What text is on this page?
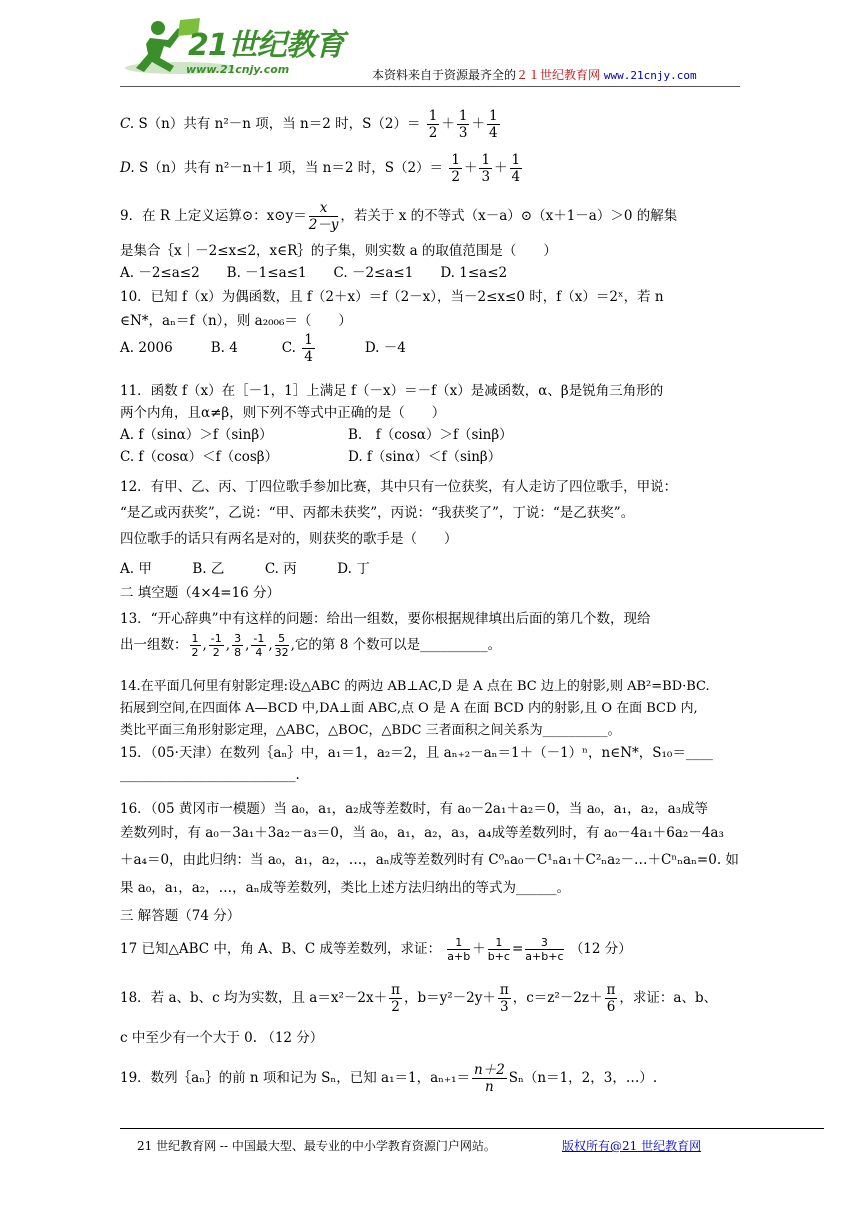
21世纪教育
www.21cnjy.com	本资料来自于资源最齐全的２１世纪教育网 www.21cnjy.com
C. S（n）共有 n²－n 项，当 n＝2 时，$S(2)= \frac{1}{2} + \frac{1}{3} + \frac{1}{4}$
D. S（n）共有 n²－n＋1 项，当 n＝2 时，$S(2)= \frac{1}{2} + \frac{1}{3} + \frac{1}{4}$
9．在 R 上定义运算⊙：x⊙y＝ $\frac{x}{2-y}$ ，若关于 x 的不等式（x－a）⊙（x＋1－a）＞0 的解集
是集合｛x｜－2≤x≤2，x∈R｝的子集，则实数 a 的取值范围是（　　）
A. －2≤a≤2　　B. －1≤a≤1　　C. －2≤a≤1　　D. 1≤a≤2
10．已知 f（x）为偶函数，且 f（2＋x）＝f（2－x），当－2≤x≤0 时，f（x）＝2ˣ，若 n
∈N*，aₙ＝f（n），则 a₂₀₀₆＝（　　）
A. 2006	B. 4	C. $\frac{1}{4}$	D. －4
11．函数 f（x）在［－1，1］上满足 f（－x）＝－f（x）是减函数，α、β是锐角三角形的
两个内角，且α≠β，则下列不等式中正确的是（　　）
A. f（sinα）＞f（sinβ）	B.　f（cosα）＞f（sinβ）
C. f（cosα）＜f（cosβ）	D. f（sinα）＜f（sinβ）
12．有甲、乙、丙、丁四位歌手参加比赛，其中只有一位获奖，有人走访了四位歌手，甲说：
“是乙或丙获奖”，乙说：“甲、丙都未获奖”，丙说：“我获奖了”，丁说：“是乙获奖”。
四位歌手的话只有两名是对的，则获奖的歌手是（　　）
A. 甲　　　B. 乙　　　C. 丙　　　D. 丁
二 填空题（4×4=16 分）
13．“开心辞典”中有这样的问题：给出一组数，要你根据规律填出后面的第几个数，现给
出一组数： $\frac{1}{2}$ , $\frac{-1}{2}$ , $\frac{3}{8}$ , $\frac{-1}{4}$ , $\frac{5}{32}$ ,它的第 8 个数可以是__________。
14.在平面几何里有射影定理:设△ABC 的两边 AB⊥AC,D 是 A 点在 BC 边上的射影,则 AB²=BD·BC.
拓展到空间,在四面体 A—BCD 中,DA⊥面 ABC,点 O 是 A 在面 BCD 内的射影,且 O 在面 BCD 内,
类比平面三角形射影定理，△ABC，△BOC，△BDC 三者面积之间关系为__________。
15．（05·天津）在数列｛aₙ｝中，a₁＝1，a₂＝2，且 aₙ₊₂－aₙ＝1＋（－1）ⁿ，n∈N*，S₁₀＝____
__________________________.
16．（05 黄冈市一模题）当 a₀，a₁，a₂成等差数时，有 a₀－2a₁＋a₂＝0，当 a₀，a₁，a₂，a₃成等
差数列时，有 a₀－3a₁＋3a₂－a₃＝0，当 a₀，a₁，a₂，a₃，a₄成等差数列时，有 a₀－4a₁＋6a₂－4a₃
＋a₄＝0，由此归纳：当 a₀，a₁，a₂，…，aₙ成等差数列时有 C⁰ₙa₀－C¹ₙa₁＋C²ₙa₂－…＋Cⁿₙaₙ=0. 如
果 a₀，a₁，a₂，…，aₙ成等差数列，类比上述方法归纳出的等式为______。
三 解答题（74 分）
17 已知△ABC 中，角 A、B、C 成等差数列，求证： $\frac{1}{a+b} + \frac{1}{b+c} = \frac{3}{a+b+c} (12$ 分）
18．若 a、b、c 均为实数，且 $a=x^2-2x+ \frac{\pi}{2}$ ，$b=y^2-2y+ \frac{\pi}{3}$ ，$c=z^2-2z+ \frac{\pi}{6}$ ，求证：a、b、
c 中至少有一个大于 0. （12 分）
19．数列｛aₙ｝的前 n 项和记为 Sₙ，已知 a₁＝1，$a_{n+1}= \frac{n+2}{n} S_n(n=1$，2，3，…）.
21 世纪教育网 -- 中国最大型、最专业的中小学教育资源门户网站。	版权所有@21 世纪教育网
